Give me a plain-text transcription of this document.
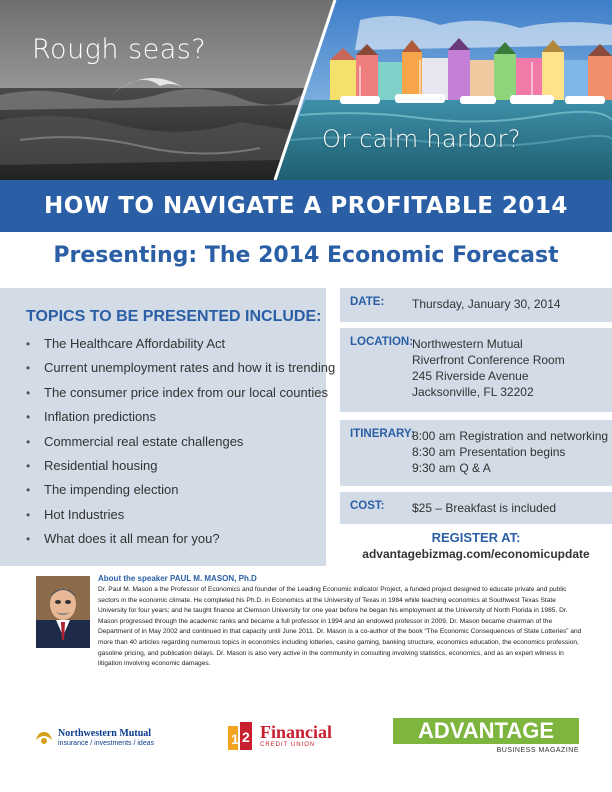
Rough seas?
Or calm harbor?
HOW TO NAVIGATE A PROFITABLE 2014
Presenting: The 2014 Economic Forecast
TOPICS TO BE PRESENTED INCLUDE:
• The Healthcare Affordability Act
• Current unemployment rates and how it is trending
• The consumer price index from our local counties
• Inflation predictions
• Commercial real estate challenges
• Residential housing
• The impending election
• Hot Industries
• What does it all mean for you?
DATE: Thursday, January 30, 2014
LOCATION:
Northwestern Mutual
Riverfront Conference Room
245 Riverside Avenue
Jacksonville, FL 32202
ITINERARY:
8:00 am Registration and networking
8:30 am Presentation begins
9:30 am Q & A
COST: $25 – Breakfast is included
REGISTER AT:
advantagebizmag.com/economicupdate
About the speaker PAUL M. MASON, Ph.D
Dr. Paul M. Mason a the Professor of Economics and founder of the Leading Economic indicator Project, a funded project designed to educate private and public sectors in the economic climate. He completed his Ph.D. in Economics at the University of Texas in 1984 while teaching economics at Southwest Texas State University for four years; and he taught finance at Clemson University for one year before he began his employment at the University of North Florida in 1985. Dr. Mason progressed through the academic ranks and became a full professor in 1994 and an endowed professor in 2009. Dr. Mason became chairman of the Department of in May 2002 and continued in that capacity until June 2011. Dr. Mason is a co-author of the book “The Economic Consequences of State Lotteries” and more than 40 articles regarding numerous topics in economics including lotteries, casino gaming, banking structure, economics education, the economics profession, gasoline pricing, and publication delays. Dr. Mason is also very active in the community in consulting involving statistics, economics, and as an expert witness in litigation involving economic damages.
Northwestern Mutual
insurance / investments / ideas	1 2 Financial
CREDIT UNION
ADVANTAGE
BUSINESS MAGAZINE
